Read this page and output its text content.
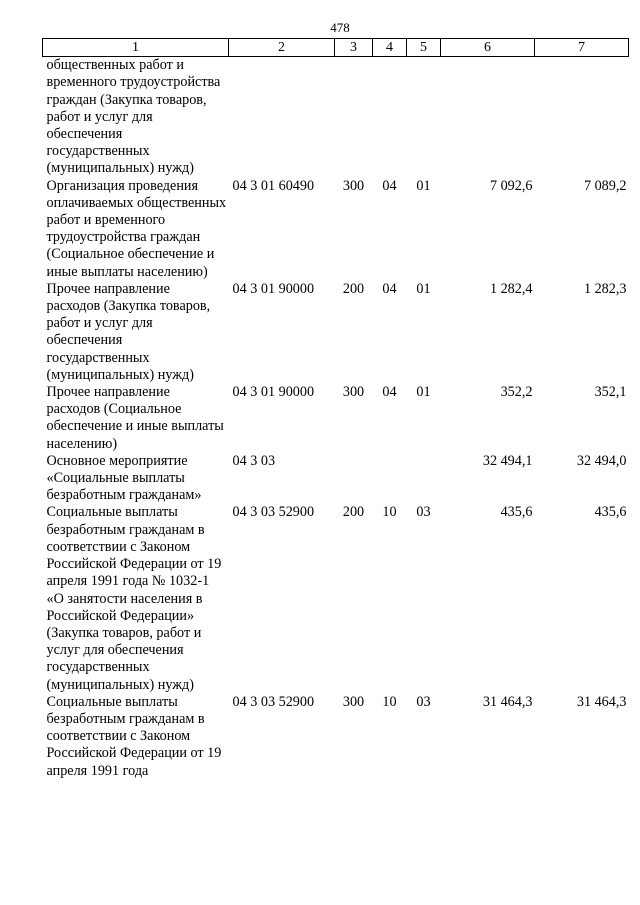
478
1	2	3	4	5	6	7
общественных работ и временного трудоустройства граждан (Закупка товаров, работ и услуг для обеспечения государственных (муниципальных) нужд)						
Организация проведения оплачиваемых общественных работ и временного трудоустройства граждан (Социальное обеспечение и иные выплаты населению)	04 3 01 60490	300	04	01	7 092,6	7 089,2
Прочее направление расходов (Закупка товаров, работ и услуг для обеспечения государственных (муниципальных) нужд)	04 3 01 90000	200	04	01	1 282,4	1 282,3
Прочее направление расходов (Социальное обеспечение и иные выплаты населению)	04 3 01 90000	300	04	01	352,2	352,1
Основное мероприятие «Социальные выплаты безработным гражданам»	04 3 03				32 494,1	32 494,0
Социальные выплаты безработным гражданам в соответствии с Законом Российской Федерации от 19 апреля 1991 года № 1032-1 «О занятости населения в Российской Федерации» (Закупка товаров, работ и услуг для обеспечения государственных (муниципальных) нужд)	04 3 03 52900	200	10	03	435,6	435,6
Социальные выплаты безработным гражданам в соответствии с Законом Российской Федерации от 19 апреля 1991 года	04 3 03 52900	300	10	03	31 464,3	31 464,3
